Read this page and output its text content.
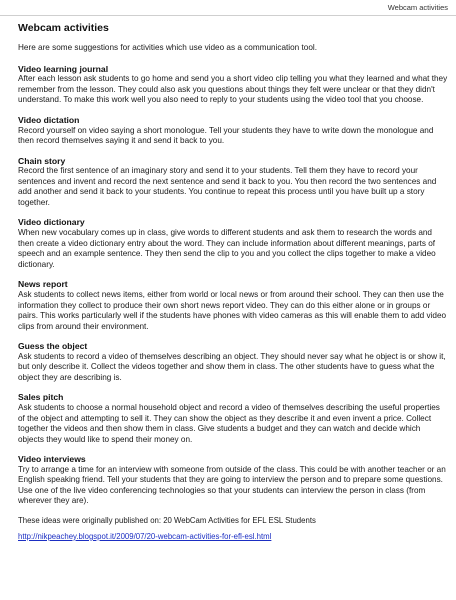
Webcam activities
Webcam activities

Here are some suggestions for activities which use video as a communication tool.

Video learning journal

After each lesson ask students to go home and send you a short video clip telling you what they learned and what they remember from the lesson. They could also ask you questions about things they felt were unclear or that they didn't understand. To make this work well you also need to reply to your students using the video tool that you choose.

Video dictation

Record yourself on video saying a short monologue. Tell your students they have to write down the monologue and then record themselves saying it and send it back to you.

Chain story

Record the first sentence of an imaginary story and send it to your students. Tell them they have to record your sentences and invent and record the next sentence and send it back to you. You then record the two sentences and add another and send it back to your students. You continue to repeat this process until you have built up a story together.

Video dictionary

When new vocabulary comes up in class, give words to different students and ask them to research the words and then create a video dictionary entry about the word. They can include information about different meanings, parts of speech and an example sentence. They then send the clip to you and you collect the clips together to make a video dictionary.

News report

Ask students to collect news items, either from world or local news or from around their school. They can then use the information they collect to produce their own short news report video. They can do this either alone or in groups or pairs. This works particularly well if the students have phones with video cameras as this will enable them to add video clips from around their environment.

Guess the object

Ask students to record a video of themselves describing an object. They should never say what he object is or show it, but only describe it. Collect the videos together and show them in class. The other students have to guess what the object they are describing is.

Sales pitch

Ask students to choose a normal household object and record a video of themselves describing the useful properties of the object and attempting to sell it. They can show the object as they describe it and even invent a price. Collect together the videos and then show them in class. Give students a budget and they can watch and decide which objects they would like to spend their money on.

Video interviews

Try to arrange a time for an interview with someone from outside of the class. This could be with another teacher or an English speaking friend. Tell your students that they are going to interview the person and to prepare some questions. Use one of the live video conferencing technologies so that your students can interview the person in class (from wherever they are).

These ideas were originally published on: 20 WebCam Activities for EFL ESL Students

http://nikpeachey.blogspot.it/2009/07/20-webcam-activities-for-efl-esl.html
